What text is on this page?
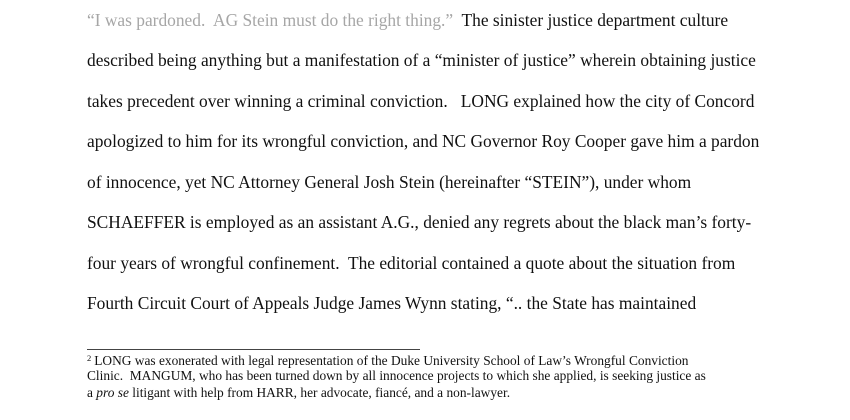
“I was pardoned.  AG Stein must do the right thing.”  The sinister justice department culture
described being anything but a manifestation of a “minister of justice” wherein obtaining justice
takes precedent over winning a criminal conviction.   LONG explained how the city of Concord
apologized to him for its wrongful conviction, and NC Governor Roy Cooper gave him a pardon
of innocence, yet NC Attorney General Josh Stein (hereinafter “STEIN”), under whom
SCHAEFFER is employed as an assistant A.G., denied any regrets about the black man’s forty-
four years of wrongful confinement.  The editorial contained a quote about the situation from
Fourth Circuit Court of Appeals Judge James Wynn stating, “.. the State has maintained
$^2$ LONG was exonerated with legal representation of the Duke University School of Law’s Wrongful Conviction
Clinic.  MANGUM, who has been turned down by all innocence projects to which she applied, is seeking justice as
a pro se litigant with help from HARR, her advocate, fiancé, and a non-lawyer.
